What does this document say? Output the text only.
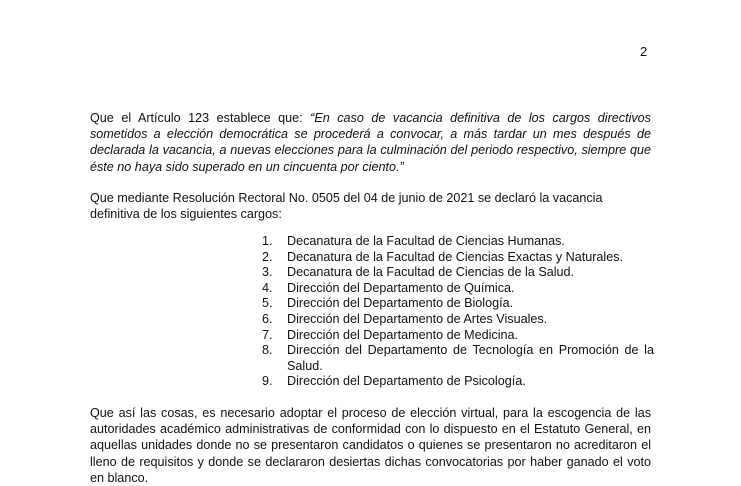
2

Que el Artículo 123 establece que: “En caso de vacancia definitiva de los cargos directivos sometidos a elección democrática se procederá a convocar, a más tardar un mes después de declarada la vacancia, a nuevas elecciones para la culminación del periodo respectivo, siempre que éste no haya sido superado en un cincuenta por ciento.”

Que mediante Resolución Rectoral No. 0505 del 04 de junio de 2021 se declaró la vacancia definitiva de los siguientes cargos:

1.	Decanatura de la Facultad de Ciencias Humanas.
2.	Decanatura de la Facultad de Ciencias Exactas y Naturales.
3.	Decanatura de la Facultad de Ciencias de la Salud.
4.	Dirección del Departamento de Química.
5.	Dirección del Departamento de Biología.
6.	Dirección del Departamento de Artes Visuales.
7.	Dirección del Departamento de Medicina.
8.	Dirección del Departamento de Tecnología en Promoción de la Salud.
9.	Dirección del Departamento de Psicología.

Que así las cosas, es necesario adoptar el proceso de elección virtual, para la escogencia de las autoridades académico administrativas de conformidad con lo dispuesto en el Estatuto General, en aquellas unidades donde no se presentaron candidatos o quienes se presentaron no acreditaron el lleno de requisitos y donde se declararon desiertas dichas convocatorias por haber ganado el voto en blanco.
